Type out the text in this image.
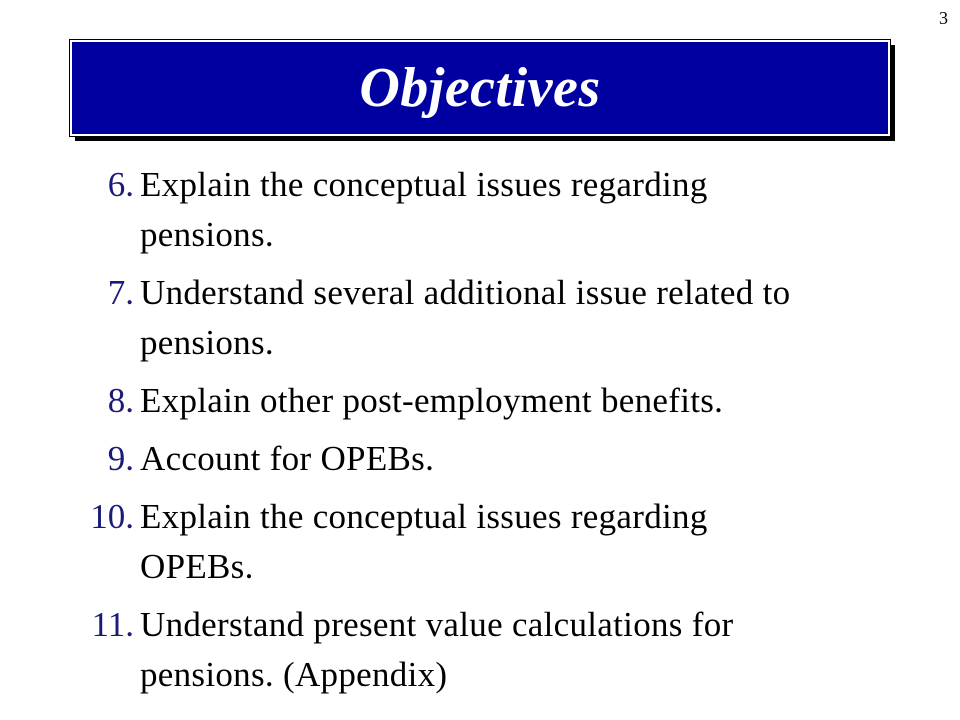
3
Objectives
6. Explain the conceptual issues regarding
pensions.
7. Understand several additional issue related to
pensions.
8. Explain other post-employment benefits.
9. Account for OPEBs.
10. Explain the conceptual issues regarding
OPEBs.
11. Understand present value calculations for
pensions. (Appendix)
